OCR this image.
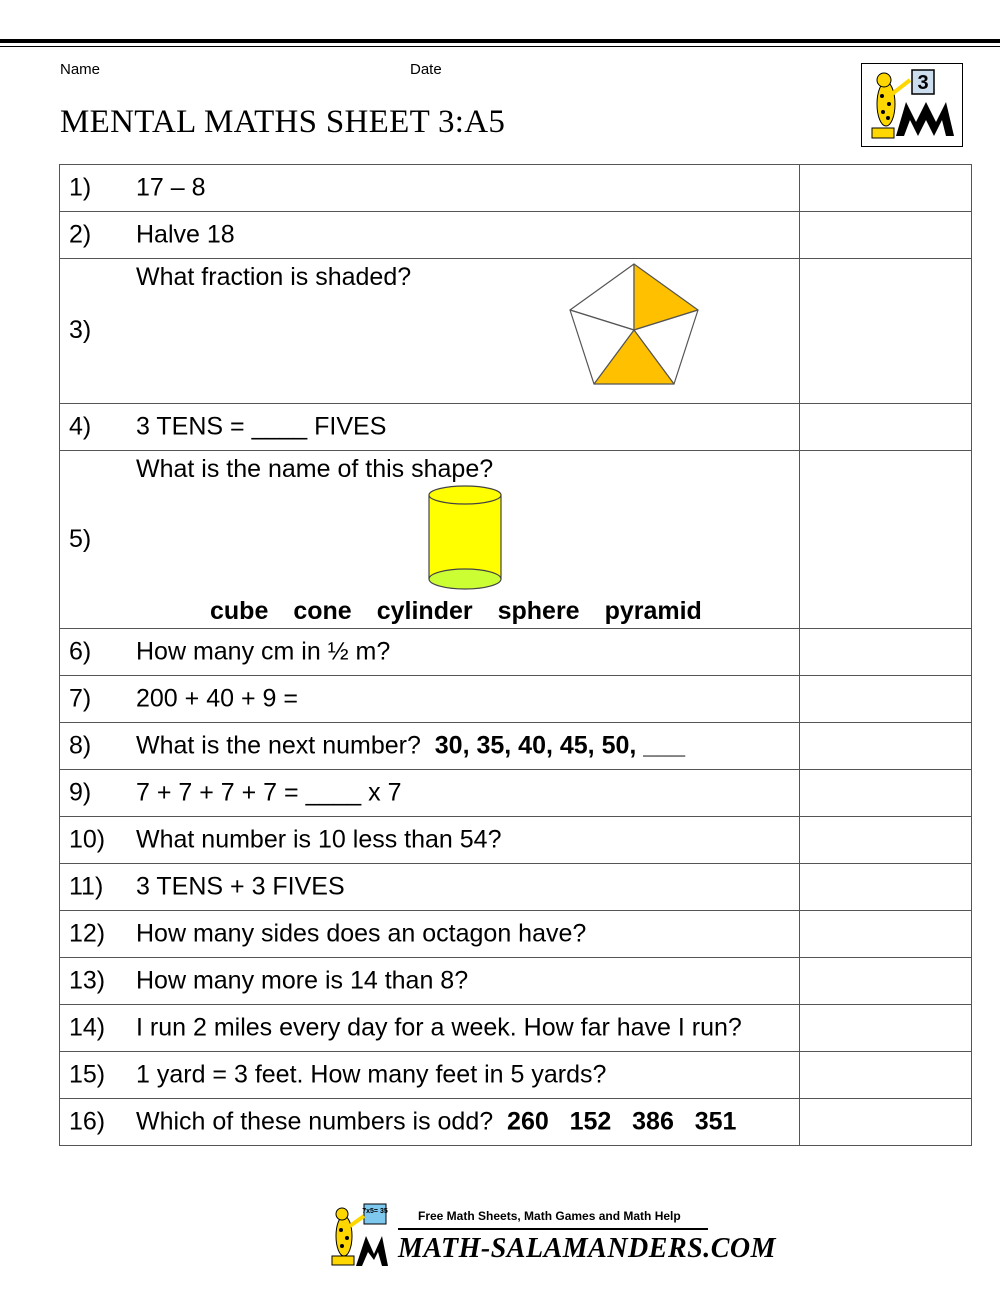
Name	Date
MENTAL MATHS SHEET 3:A5
3
1) 17 – 8	

2) Halve 18	

What fraction is shaded?
3)	

4) 3 TENS = ____ FIVES	

What is the name of this shape?
5)
cube cone cylinder sphere pyramid	

6) How many cm in ½ m?	

7) 200 + 40 + 9 =	

8) What is the next number? 30, 35, 40, 45, 50, ___	

9) 7 + 7 + 7 + 7 = ____ x 7	

10) What number is 10 less than 54?	

11) 3 TENS + 3 FIVES	

12) How many sides does an octagon have?	

13) How many more is 14 than 8?	

14) I run 2 miles every day for a week. How far have I run?	

15) 1 yard = 3 feet. How many feet in 5 yards?	

16) Which of these numbers is odd? 260   152   386   351	

7x5= 35	Free Math Sheets, Math Games and Math Help
MATH-SALAMANDERS.COM
